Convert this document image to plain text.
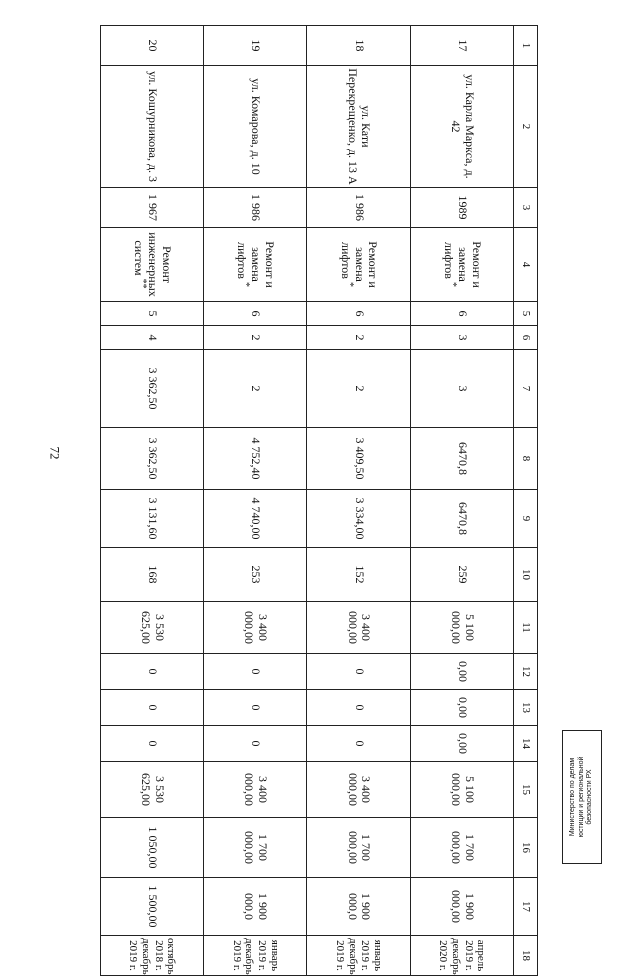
72
1	2	3	4	5	6	7	8	9	10	11	12	13	14	15	16	17	18
17	ул. Карла Маркса, д. 42	1989	Ремонт и замена лифтов *	6	3	3	6470,8	6470,8	259	5 100 000,00	0,00	0,00	0,00	5 100 000,00	1 700 000,00	1 900 000,00	апрель 2019 г. декабрь 2020 г.
18	ул. Кати Перекрещенко, д. 13 А	1 986	Ремонт и замена лифтов *	6	2	2	3 409,50	3 334,00	152	3 400 000,00	0	0	0	3 400 000,00	1 700 000,00	1 900 000,0	январь 2019 г. декабрь 2019 г.
19	ул. Комарова, д. 10	1 986	Ремонт и замена лифтов *	6	2	2	4 752,40	4 740,00	253	3 400 000,00	0	0	0	3 400 000,00	1 700 000,00	1 900 000,0	январь 2019 г. декабрь 2019 г.
20	ул. Кошурникова, д. 3	1 967	Ремонт инженерных систем **	5	4	3 362,50	3 362,50	3 131,60	168	3 530 625,00	0	0	0	3 530 625,00	1 050,00	1 500,00	октябрь 2018 г. декабрь 2019 г.
Министерство по делам юстиции и региональной безопасности РХ
